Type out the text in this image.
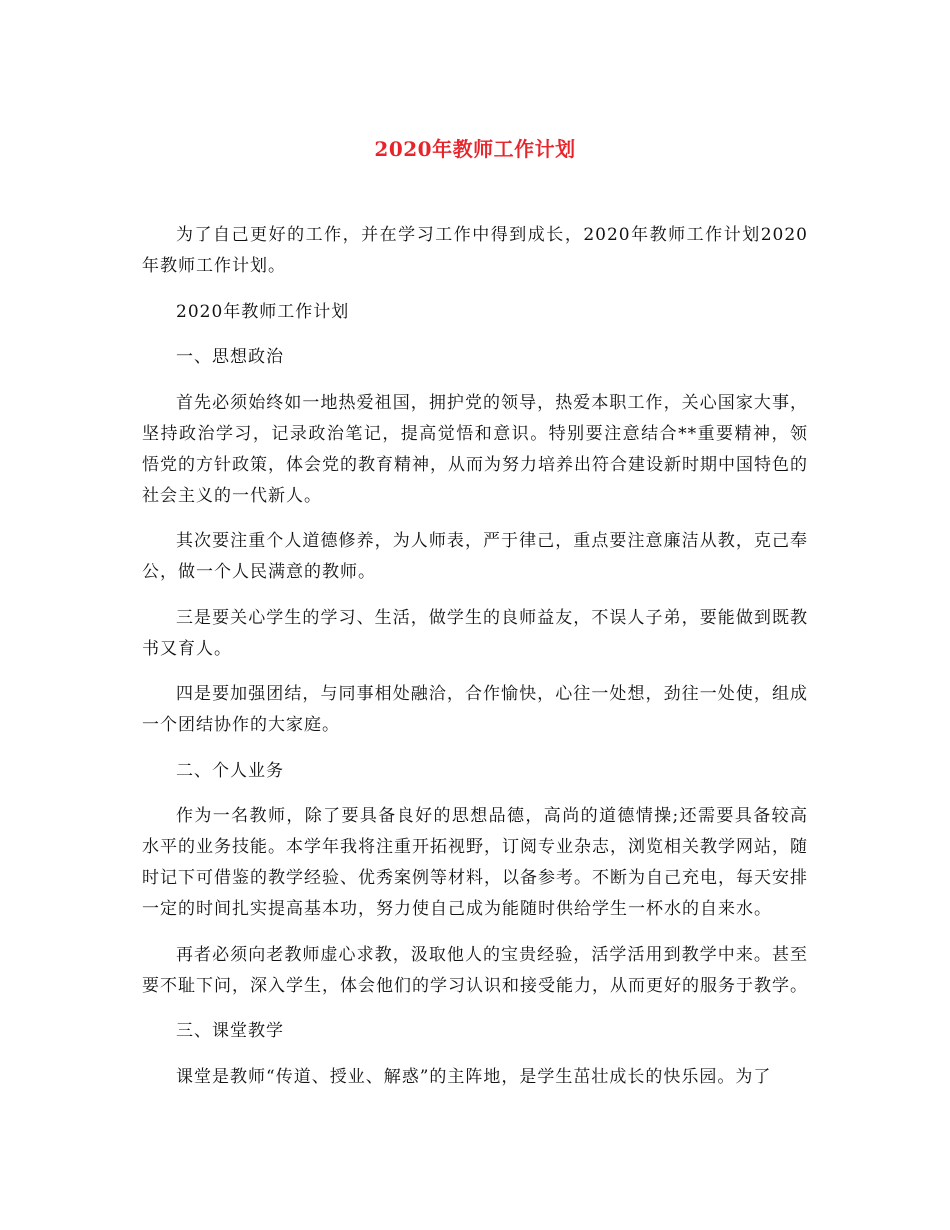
2020年教师工作计划

为了自己更好的工作，并在学习工作中得到成长，2020年教师工作计划2020年教师工作计划。

2020年教师工作计划

一、思想政治

首先必须始终如一地热爱祖国，拥护党的领导，热爱本职工作，关心国家大事，坚持政治学习，记录政治笔记，提高觉悟和意识。特别要注意结合**重要精神，领悟党的方针政策，体会党的教育精神，从而为努力培养出符合建设新时期中国特色的社会主义的一代新人。

其次要注重个人道德修养，为人师表，严于律己，重点要注意廉洁从教，克己奉公，做一个人民满意的教师。

三是要关心学生的学习、生活，做学生的良师益友，不误人子弟，要能做到既教书又育人。

四是要加强团结，与同事相处融洽，合作愉快，心往一处想，劲往一处使，组成一个团结协作的大家庭。

二、个人业务

作为一名教师，除了要具备良好的思想品德，高尚的道德情操;还需要具备较高水平的业务技能。本学年我将注重开拓视野，订阅专业杂志，浏览相关教学网站，随时记下可借鉴的教学经验、优秀案例等材料，以备参考。不断为自己充电，每天安排一定的时间扎实提高基本功，努力使自己成为能随时供给学生一杯水的自来水。

再者必须向老教师虚心求教，汲取他人的宝贵经验，活学活用到教学中来。甚至要不耻下问，深入学生，体会他们的学习认识和接受能力，从而更好的服务于教学。

三、课堂教学

课堂是教师“传道、授业、解惑”的主阵地，是学生茁壮成长的快乐园。为了
